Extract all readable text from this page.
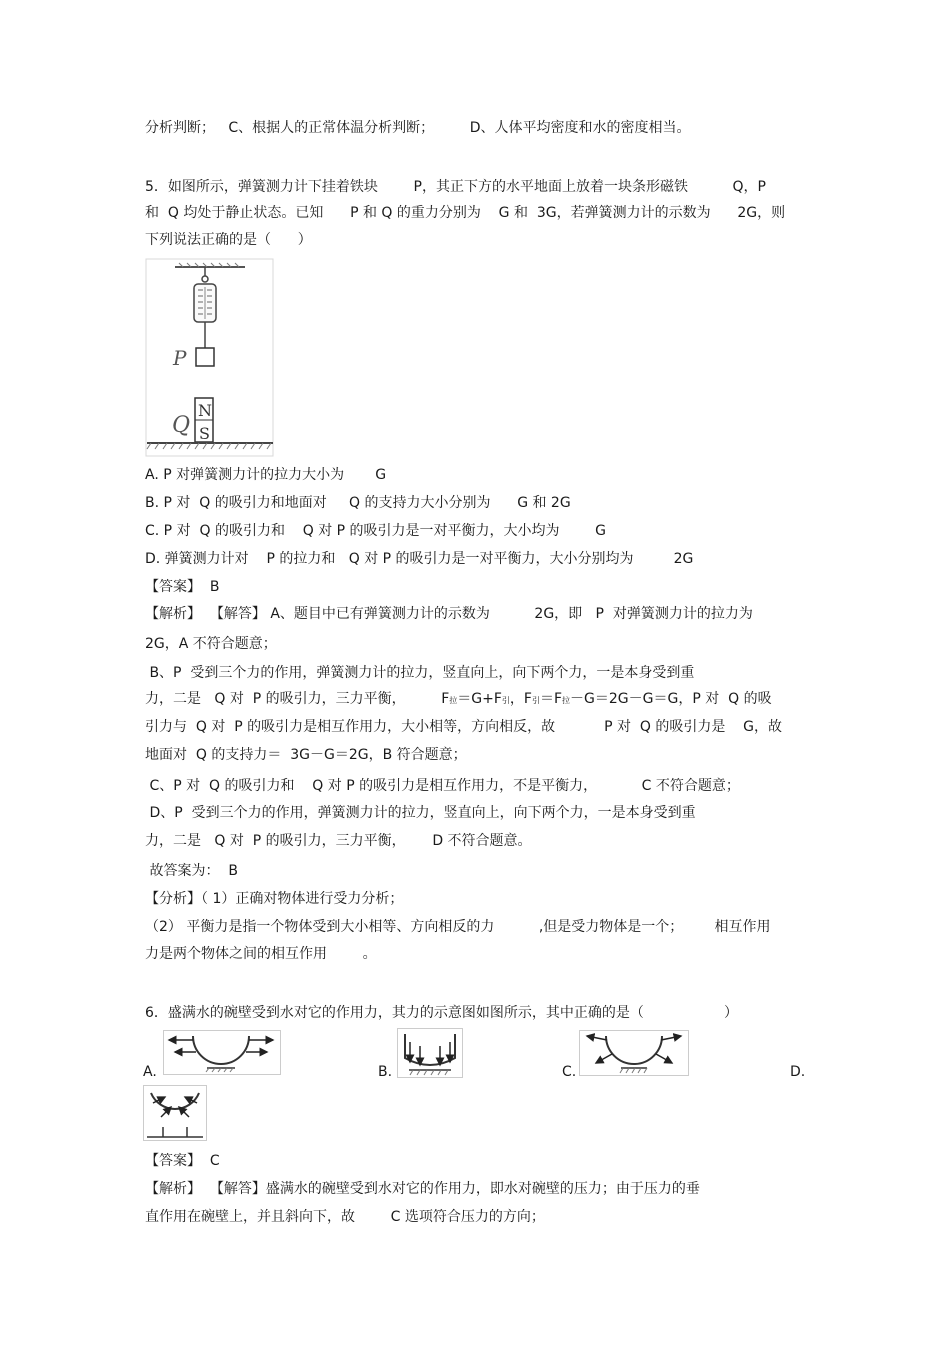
分析判断；   C、根据人的正常体温分析判断；        D、人体平均密度和水的密度相当。
5．如图所示，弹簧测力计下挂着铁块        P，其正下方的水平地面上放着一块条形磁铁          Q，P
和  Q 均处于静止状态。已知      P 和 Q 的重力分别为    G 和  3G，若弹簧测力计的示数为      2G，则
下列说法正确的是（      ）
P
N
S
Q
A. P 对弹簧测力计的拉力大小为       G
B. P 对  Q 的吸引力和地面对     Q 的支持力大小分别为      G 和 2G
C. P 对  Q 的吸引力和    Q 对 P 的吸引力是一对平衡力，大小均为        G
D. 弹簧测力计对    P 的拉力和   Q 对 P 的吸引力是一对平衡力，大小分别均为         2G
【答案】  B
【解析】  【解答】 A、题目中已有弹簧测力计的示数为          2G，即   P  对弹簧测力计的拉力为
2G，A 不符合题意；
B、P  受到三个力的作用，弹簧测力计的拉力，竖直向上，向下两个力，一是本身受到重
力，二是   Q 对  P 的吸引力，三力平衡，        F拉＝G+F引，F引＝F拉－G＝2G－G＝G，P 对  Q 的吸
引力与  Q 对  P 的吸引力是相互作用力，大小相等，方向相反，故           P 对  Q 的吸引力是    G，故
地面对  Q 的支持力＝  3G－G＝2G，B 符合题意；
C、P 对  Q 的吸引力和    Q 对 P 的吸引力是相互作用力，不是平衡力，          C 不符合题意；
D、P  受到三个力的作用，弹簧测力计的拉力，竖直向上，向下两个力，一是本身受到重
力，二是   Q 对  P 的吸引力，三力平衡，      D 不符合题意。
故答案为：  B
【分析】（ 1）正确对物体进行受力分析；
（2） 平衡力是指一个物体受到大小相等、方向相反的力          ,但是受力物体是一个；       相互作用
力是两个物体之间的相互作用        。
6．盛满水的碗壁受到水对它的作用力，其力的示意图如图所示，其中正确的是（                  ）
A.	B.	C.	D.
【答案】  C
【解析】  【解答】盛满水的碗壁受到水对它的作用力，即水对碗壁的压力；由于压力的垂
直作用在碗壁上，并且斜向下，故        C 选项符合压力的方向；
